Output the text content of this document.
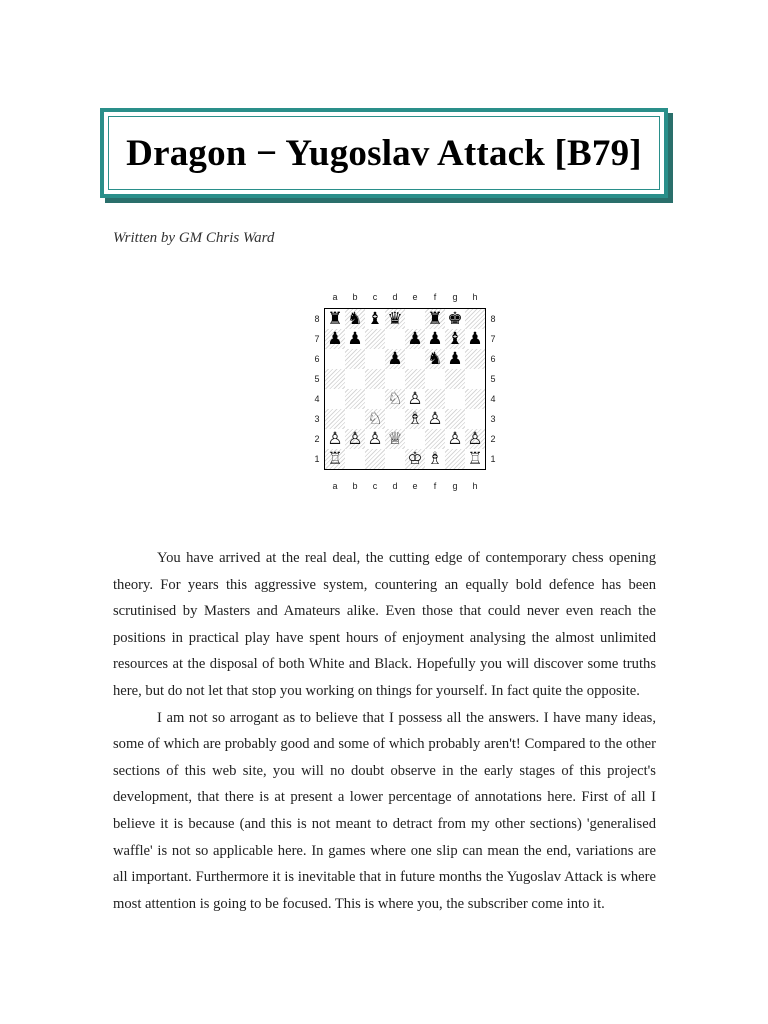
Dragon − Yugoslav Attack [B79]
Written by GM Chris Ward
a	b	c	d	e	f	g	h
8
7
6
5
4
3
2
1
♜ ♞ ♝ ♛ ♜ ♚
♟ ♟	♟ ♟ ♝ ♟
♟ ♞ ♟
♘ ♙
♘ ♗ ♙
♙ ♙ ♙ ♕	♙ ♙
♖	♔ ♗ ♖
8
7
6
5
4
3
2
1
a	b	c	d	e	f	g	h

You have arrived at the real deal, the cutting edge of contemporary chess opening theory. For years this aggressive system, countering an equally bold defence has been scrutinised by Masters and Amateurs alike. Even those that could never even reach the positions in practical play have spent hours of enjoyment analysing the almost unlimited resources at the disposal of both White and Black. Hopefully you will discover some truths here, but do not let that stop you working on things for yourself. In fact quite the opposite.

I am not so arrogant as to believe that I possess all the answers. I have many ideas, some of which are probably good and some of which probably aren't! Compared to the other sections of this web site, you will no doubt observe in the early stages of this project's development, that there is at present a lower percentage of annotations here. First of all I believe it is because (and this is not meant to detract from my other sections) 'generalised waffle' is not so applicable here. In games where one slip can mean the end, variations are all important. Furthermore it is inevitable that in future months the Yugoslav Attack is where most attention is going to be focused. This is where you, the subscriber come into it.
